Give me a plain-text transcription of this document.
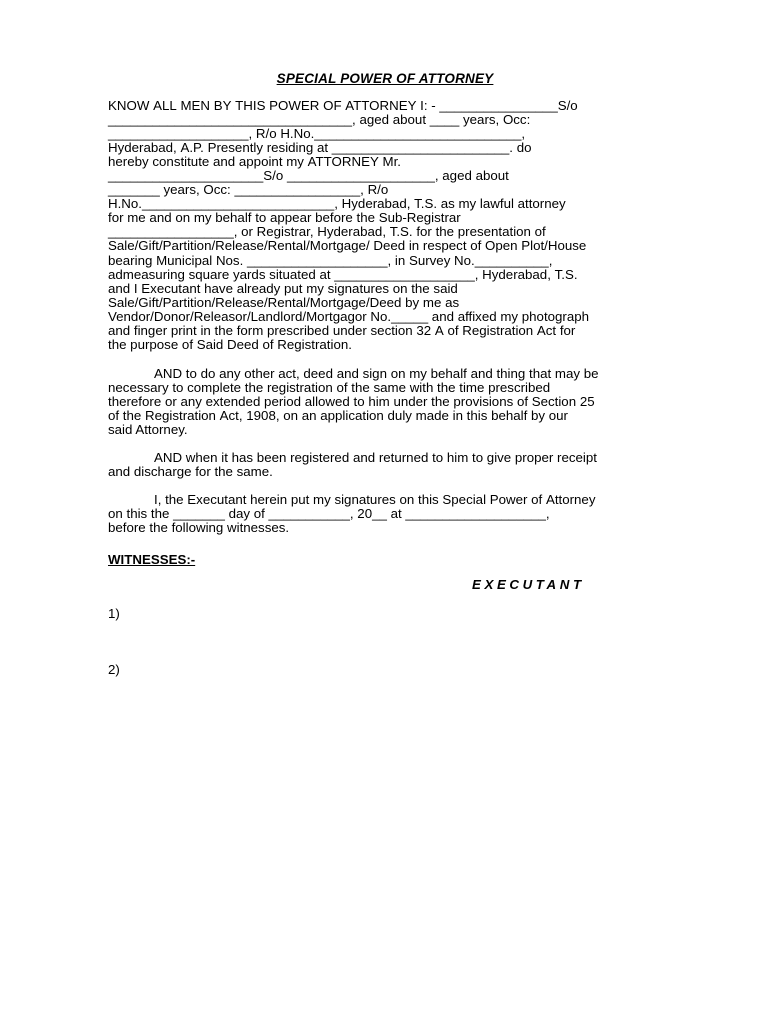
SPECIAL POWER OF ATTORNEY
KNOW ALL MEN BY THIS POWER OF ATTORNEY I: - ________________S/o
_________________________________, aged about ____ years, Occ:
___________________, R/o H.No.____________________________,
Hyderabad, A.P. Presently residing at ________________________. do
hereby constitute and appoint my ATTORNEY Mr.
_____________________S/o ____________________, aged about
_______ years, Occ: _________________, R/o
H.No.__________________________, Hyderabad, T.S. as my lawful attorney
for me and on my behalf to appear before the Sub-Registrar
_________________, or Registrar, Hyderabad, T.S. for the presentation of
Sale/Gift/Partition/Release/Rental/Mortgage/ Deed in respect of Open Plot/House
bearing Municipal Nos. ___________________, in Survey No.__________,
admeasuring square yards situated at ___________________, Hyderabad, T.S.
and I Executant have already put my signatures on the said
Sale/Gift/Partition/Release/Rental/Mortgage/Deed by me as
Vendor/Donor/Releasor/Landlord/Mortgagor No._____ and affixed my photograph
and finger print in the form prescribed under section 32 A of Registration Act for
the purpose of Said Deed of Registration.
AND to do any other act, deed and sign on my behalf and thing that may be
necessary to complete the registration of the same with the time prescribed
therefore or any extended period allowed to him under the provisions of Section 25
of the Registration Act, 1908, on an application duly made in this behalf by our
said Attorney.
AND when it has been registered and returned to him to give proper receipt
and discharge for the same.
I, the Executant herein put my signatures on this Special Power of Attorney
on this the _______ day of ___________, 20__ at ___________________,
before the following witnesses.
WITNESSES:-
EXECUTANT
1)
2)
